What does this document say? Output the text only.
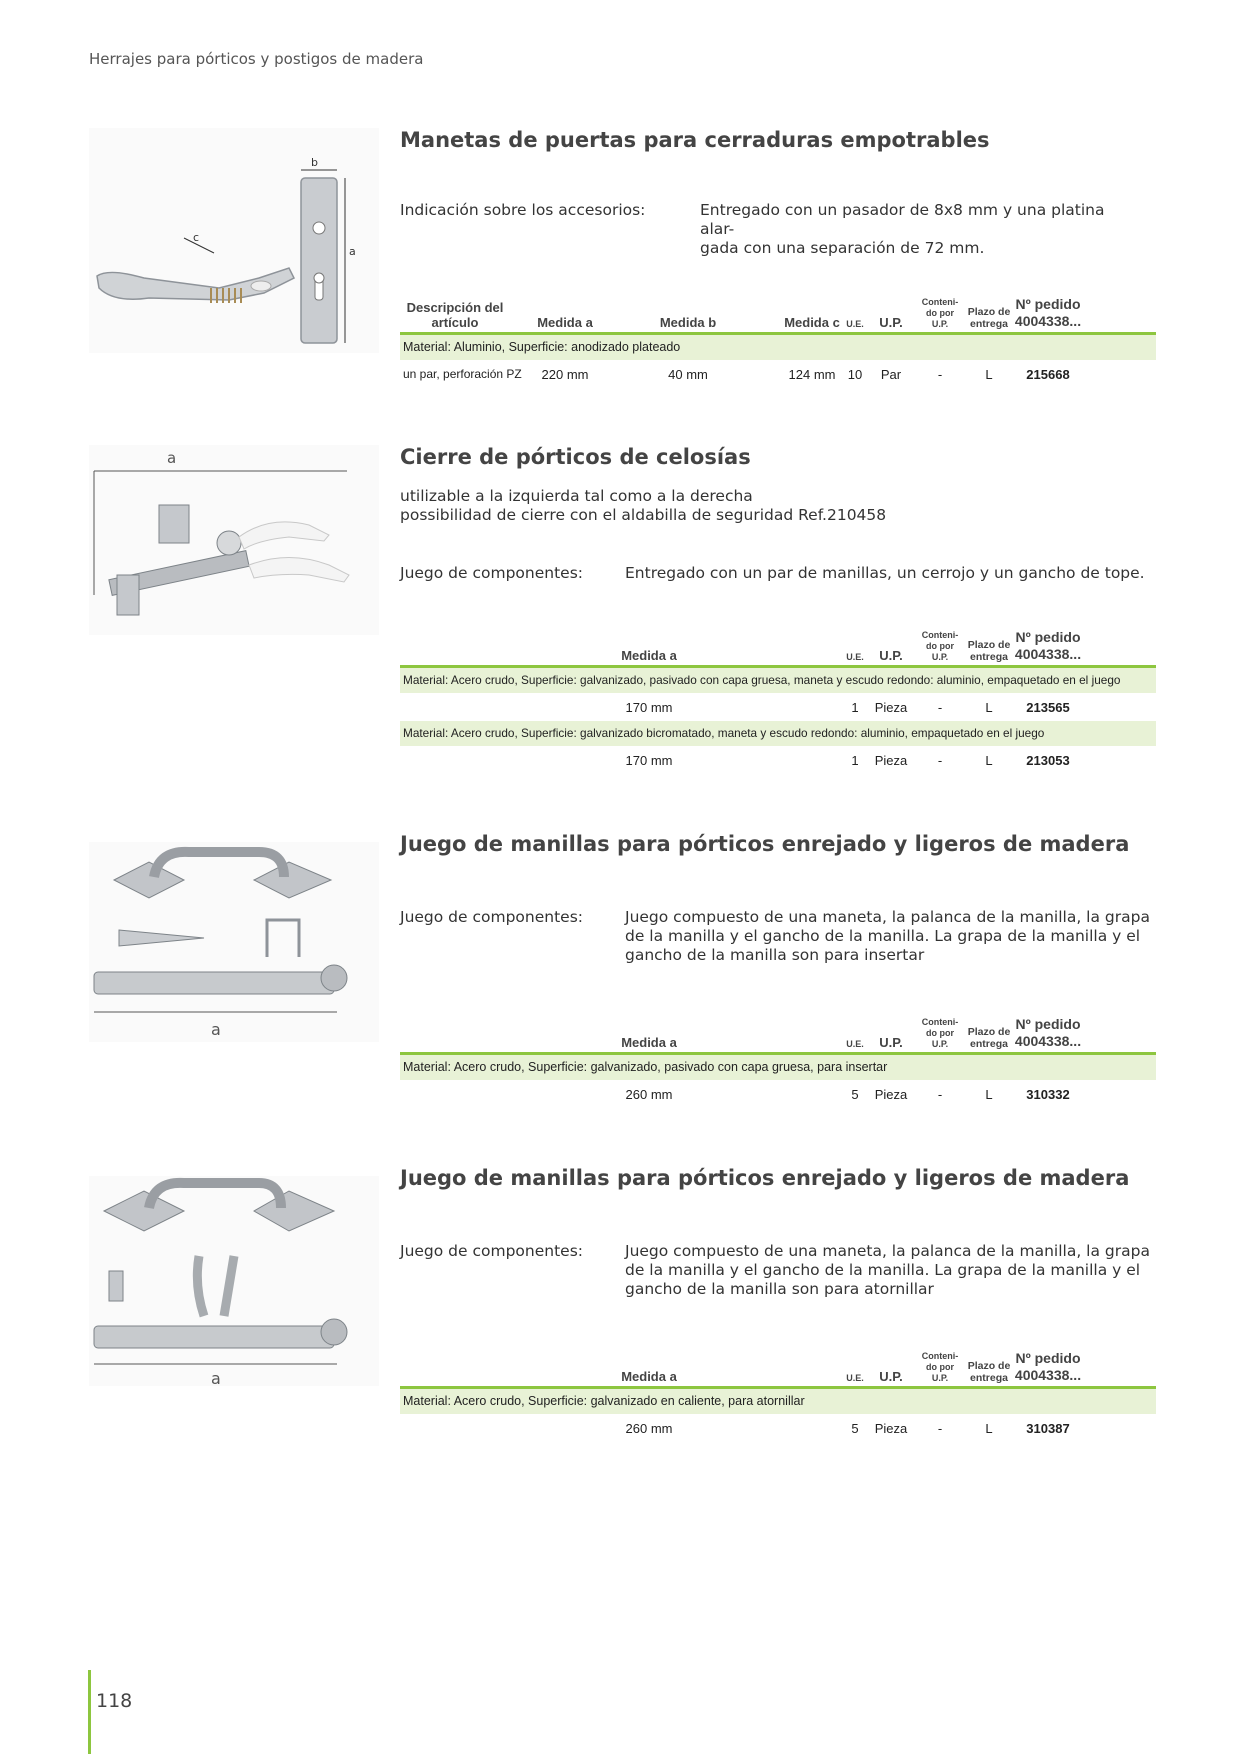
Herrajes para pórticos y postigos de madera
b
a
c
Manetas de puertas para cerraduras empotrables
Indicación sobre los accesorios:	Entregado con un pasador de 8x8 mm y una platina alar-
gada con una separación de 72 mm.
Descripción del
artículo	Medida a	Medida b	Medida c U.E.	U.P.
Conteni-
do por
U.P.
Plazo de
entrega
Nº pedido
4004338...
Material: Aluminio, Superficie: anodizado plateado
un par, perforación PZ	220 mm	40 mm	124 mm 10	Par	-	L	215668
a	Cierre de pórticos de celosías
utilizable a la izquierda tal como a la derecha
possibilidad de cierre con el aldabilla de seguridad Ref.210458
Juego de componentes:	Entregado con un par de manillas, un cerrojo y un gancho de tope.
Medida a	U.E.	U.P.
Conteni-
do por
U.P.
Plazo de
entrega
Nº pedido
4004338...
Material: Acero crudo, Superficie: galvanizado, pasivado con capa gruesa, maneta y escudo redondo: aluminio, empaquetado en el juego
170 mm	1	Pieza	-	L	213565
Material: Acero crudo, Superficie: galvanizado bicromatado, maneta y escudo redondo: aluminio, empaquetado en el juego
170 mm	1	Pieza	-	L	213053
a
Juego de manillas para pórticos enrejado y ligeros de madera
Juego de componentes:	Juego compuesto de una maneta, la palanca de la manilla, la grapa
de la manilla y el gancho de la manilla. La grapa de la manilla y el
gancho de la manilla son para insertar
Medida a	U.E.	U.P.
Conteni-
do por
U.P.
Plazo de
entrega
Nº pedido
4004338...
Material: Acero crudo, Superficie: galvanizado, pasivado con capa gruesa, para insertar
260 mm	5	Pieza	-	L	310332
a
Juego de manillas para pórticos enrejado y ligeros de madera
Juego de componentes:	Juego compuesto de una maneta, la palanca de la manilla, la grapa
de la manilla y el gancho de la manilla. La grapa de la manilla y el
gancho de la manilla son para atornillar
Medida a	U.E.	U.P.
Conteni-
do por
U.P.
Plazo de
entrega
Nº pedido
4004338...
Material: Acero crudo, Superficie: galvanizado en caliente, para atornillar
260 mm	5	Pieza	-	L	310387
118
